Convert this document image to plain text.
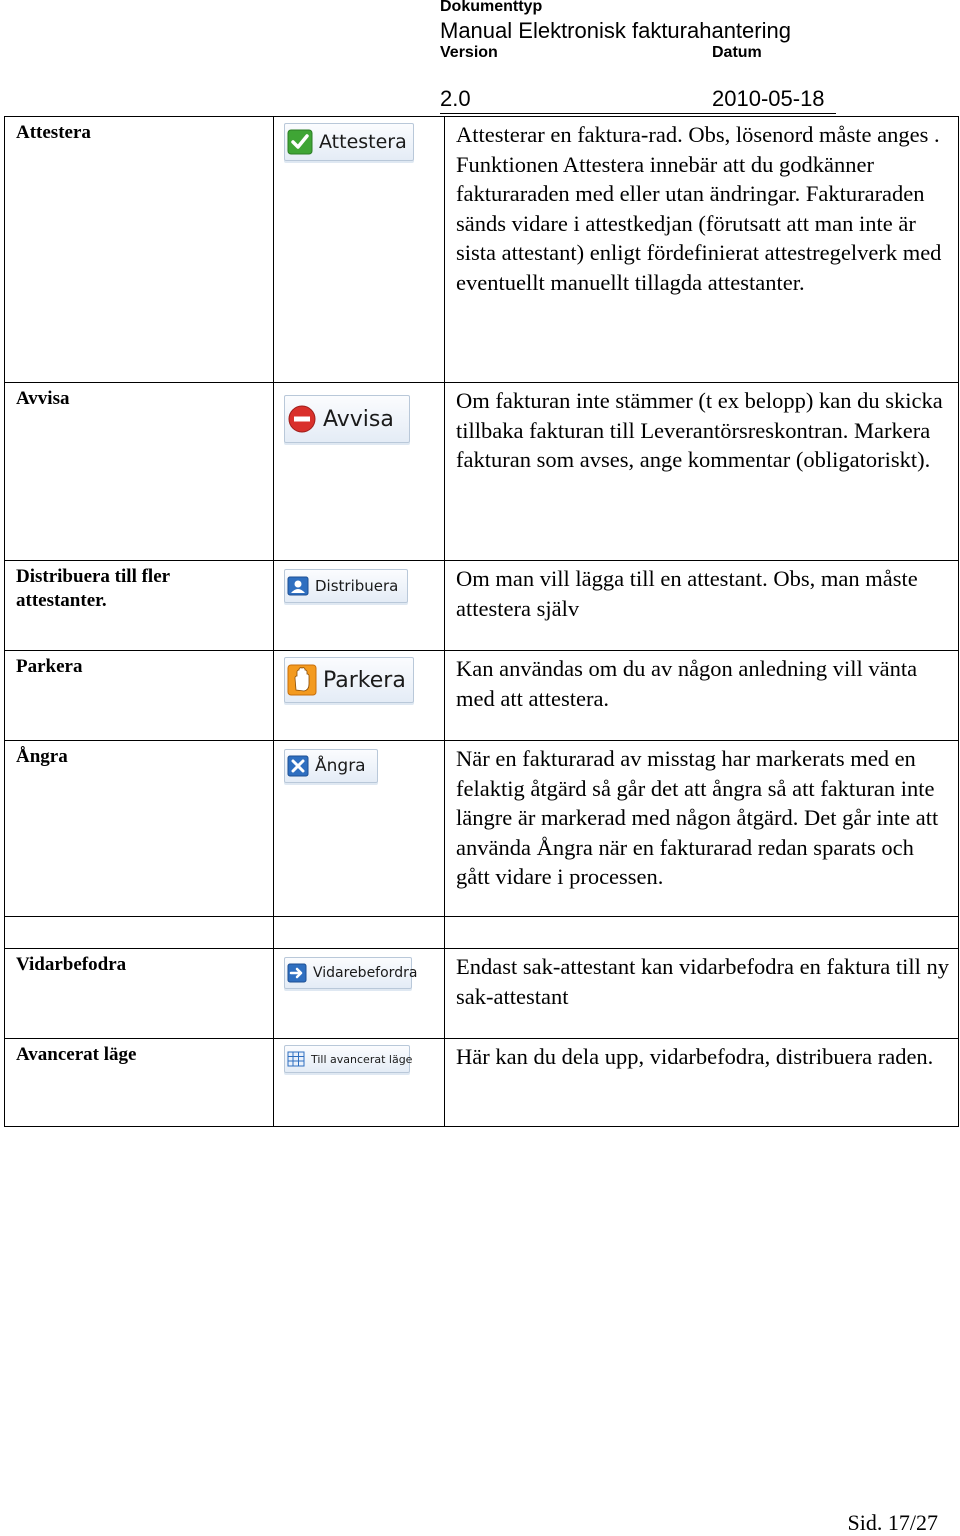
Dokumenttyp
Manual Elektronisk fakturahantering
Version	Datum
2.0	2010-05-18
Attestera	Attestera	Attesterar en faktura-rad. Obs, lösenord måste anges . Funktionen Attestera innebär att du godkänner fakturaraden med eller utan ändringar. Fakturaraden sänds vidare i attestkedjan (förutsatt att man inte är sista attestant) enligt fördefinierat attestregelverk med eventuellt manuellt tillagda attestanter.
Avvisa	Avvisa	Om fakturan inte stämmer (t ex belopp) kan du skicka tillbaka fakturan till Leverantörsreskontran. Markera fakturan som avses, ange kommentar (obligatoriskt).
Distribuera till fler attestanter.	Distribuera	Om man vill lägga till en attestant. Obs, man måste attestera själv
Parkera	Parkera	Kan användas om du av någon anledning vill vänta med att attestera.
Ångra	Ångra	När en fakturarad av misstag har markerats med en felaktig åtgärd så går det att ångra så att fakturan inte längre är markerad med någon åtgärd. Det går inte att använda Ångra när en fakturarad redan sparats och gått vidare i processen.

Vidarbefodra	Vidarebefordra	Endast sak-attestant kan vidarbefodra en faktura till ny sak-attestant
Avancerat läge	Till avancerat läge	Här kan du dela upp, vidarbefodra, distribuera raden.
Sid. 17/27
